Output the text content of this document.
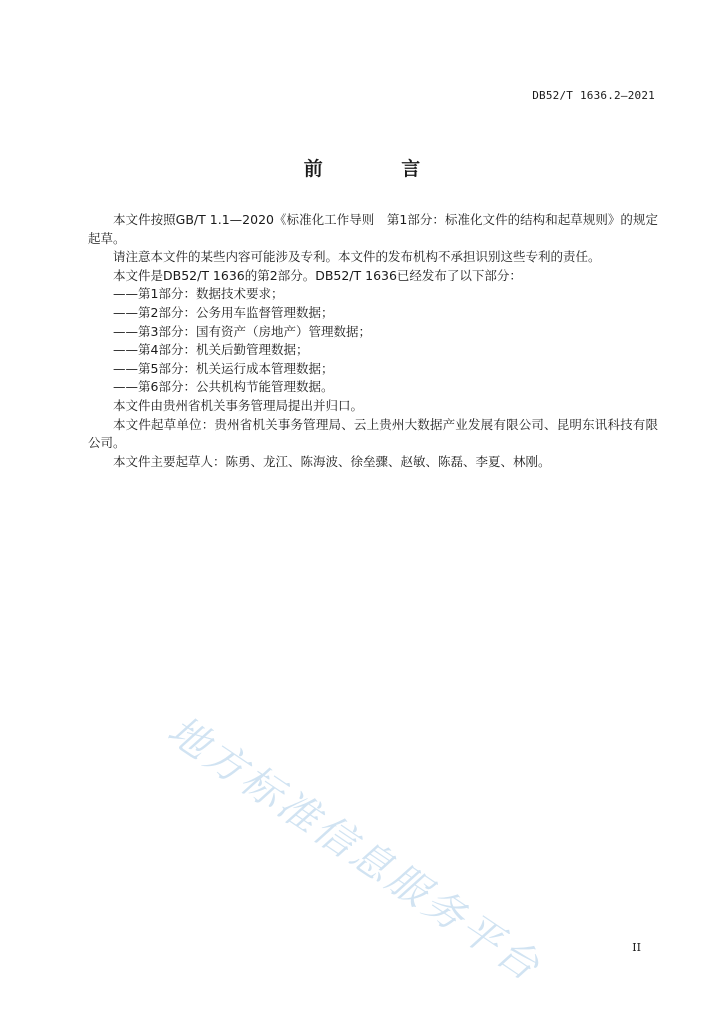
DB52/T 1636.2—2021
前 言

本文件按照GB/T 1.1—2020《标准化工作导则　第1部分：标准化文件的结构和起草规则》的规定起草。

请注意本文件的某些内容可能涉及专利。本文件的发布机构不承担识别这些专利的责任。

本文件是DB52/T 1636的第2部分。DB52/T 1636已经发布了以下部分：

——第1部分：数据技术要求；

——第2部分：公务用车监督管理数据；

——第3部分：国有资产（房地产）管理数据；

——第4部分：机关后勤管理数据；

——第5部分：机关运行成本管理数据；

——第6部分：公共机构节能管理数据。

本文件由贵州省机关事务管理局提出并归口。

本文件起草单位：贵州省机关事务管理局、云上贵州大数据产业发展有限公司、昆明东讯科技有限公司。

本文件主要起草人：陈勇、龙江、陈海波、徐垒骤、赵敏、陈磊、李夏、林刚。

地方标准信息服务平台	II
